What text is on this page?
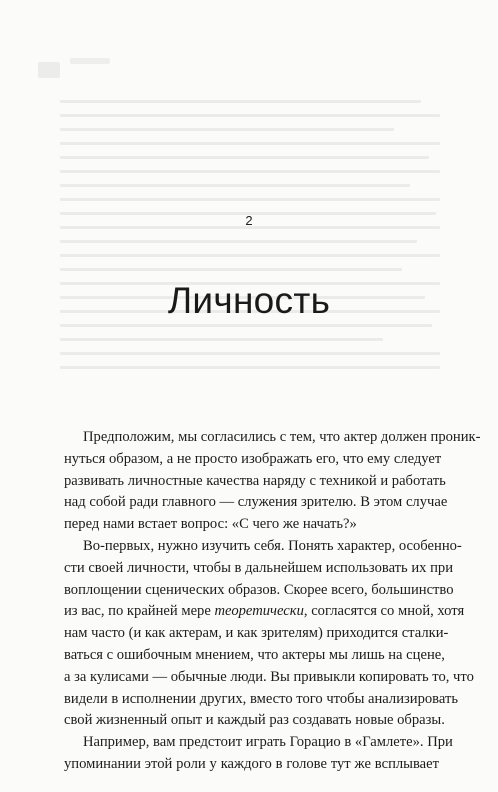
2
Личность
Предположим, мы согласились с тем, что актер должен проник-
нуться образом, а не просто изображать его, что ему следует
развивать личностные качества наряду с техникой и работать
над собой ради главного — служения зрителю. В этом случае
перед нами встает вопрос: «С чего же начать?»
Во-первых, нужно изучить себя. Понять характер, особенно-
сти своей личности, чтобы в дальнейшем использовать их при
воплощении сценических образов. Скорее всего, большинство
из вас, по крайней мере теоретически, согласятся со мной, хотя
нам часто (и как актерам, и как зрителям) приходится сталки-
ваться с ошибочным мнением, что актеры мы лишь на сцене,
а за кулисами — обычные люди. Вы привыкли копировать то, что
видели в исполнении других, вместо того чтобы анализировать
свой жизненный опыт и каждый раз создавать новые образы.
Например, вам предстоит играть Горацио в «Гамлете». При
упоминании этой роли у каждого в голове тут же всплывает
